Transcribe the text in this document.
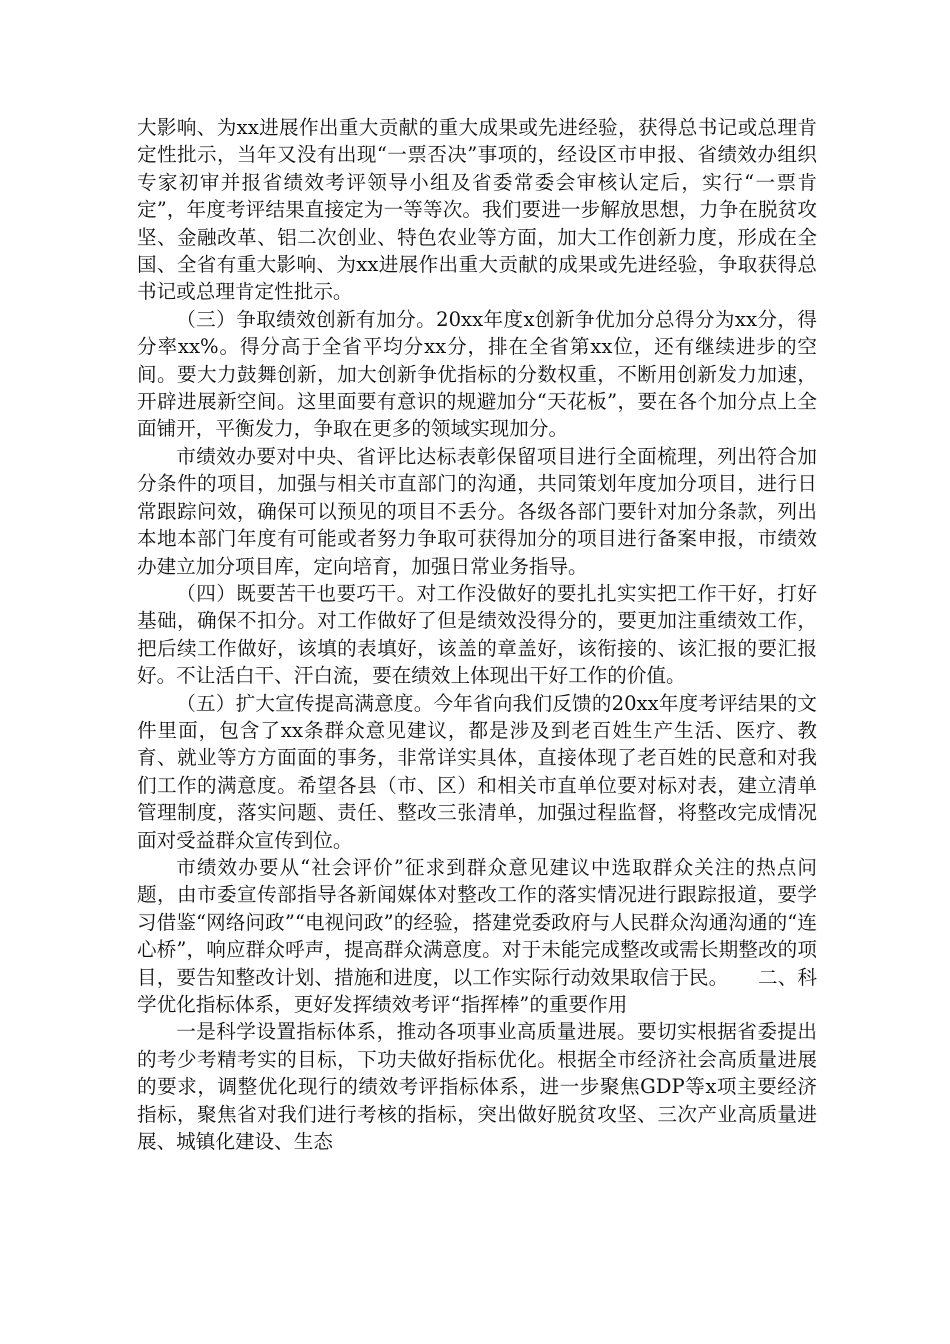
大影响、为xx进展作出重大贡献的重大成果或先进经验，获得总书记或总理肯定性批示，当年又没有出现“一票否决”事项的，经设区市申报、省绩效办组织专家初审并报省绩效考评领导小组及省委常委会审核认定后，实行“一票肯定”，年度考评结果直接定为一等等次。我们要进一步解放思想，力争在脱贫攻坚、金融改革、铝二次创业、特色农业等方面，加大工作创新力度，形成在全国、全省有重大影响、为xx进展作出重大贡献的成果或先进经验，争取获得总书记或总理肯定性批示。

（三）争取绩效创新有加分。20xx年度x创新争优加分总得分为xx分，得分率xx%。得分高于全省平均分xx分，排在全省第xx位，还有继续进步的空间。要大力鼓舞创新，加大创新争优指标的分数权重，不断用创新发力加速，开辟进展新空间。这里面要有意识的规避加分“天花板”，要在各个加分点上全面铺开，平衡发力，争取在更多的领域实现加分。

市绩效办要对中央、省评比达标表彰保留项目进行全面梳理，列出符合加分条件的项目，加强与相关市直部门的沟通，共同策划年度加分项目，进行日常跟踪问效，确保可以预见的项目不丢分。各级各部门要针对加分条款，列出本地本部门年度有可能或者努力争取可获得加分的项目进行备案申报，市绩效办建立加分项目库，定向培育，加强日常业务指导。

（四）既要苦干也要巧干。对工作没做好的要扎扎实实把工作干好，打好基础，确保不扣分。对工作做好了但是绩效没得分的，要更加注重绩效工作，把后续工作做好，该填的表填好，该盖的章盖好，该衔接的、该汇报的要汇报好。不让活白干、汗白流，要在绩效上体现出干好工作的价值。

（五）扩大宣传提高满意度。今年省向我们反馈的20xx年度考评结果的文件里面，包含了xx条群众意见建议，都是涉及到老百姓生产生活、医疗、教育、就业等方方面面的事务，非常详实具体，直接体现了老百姓的民意和对我们工作的满意度。希望各县（市、区）和相关市直单位要对标对表，建立清单管理制度，落实问题、责任、整改三张清单，加强过程监督，将整改完成情况面对受益群众宣传到位。

市绩效办要从“社会评价”征求到群众意见建议中选取群众关注的热点问题，由市委宣传部指导各新闻媒体对整改工作的落实情况进行跟踪报道，要学习借鉴“网络问政”“电视问政”的经验，搭建党委政府与人民群众沟通沟通的“连心桥”，响应群众呼声，提高群众满意度。对于未能完成整改或需长期整改的项目，要告知整改计划、措施和进度，以工作实际行动效果取信于民。　　二、科学优化指标体系，更好发挥绩效考评“指挥棒”的重要作用

一是科学设置指标体系，推动各项事业高质量进展。要切实根据省委提出的考少考精考实的目标，下功夫做好指标优化。根据全市经济社会高质量进展的要求，调整优化现行的绩效考评指标体系，进一步聚焦GDP等x项主要经济指标，聚焦省对我们进行考核的指标，突出做好脱贫攻坚、三次产业高质量进展、城镇化建设、生态
